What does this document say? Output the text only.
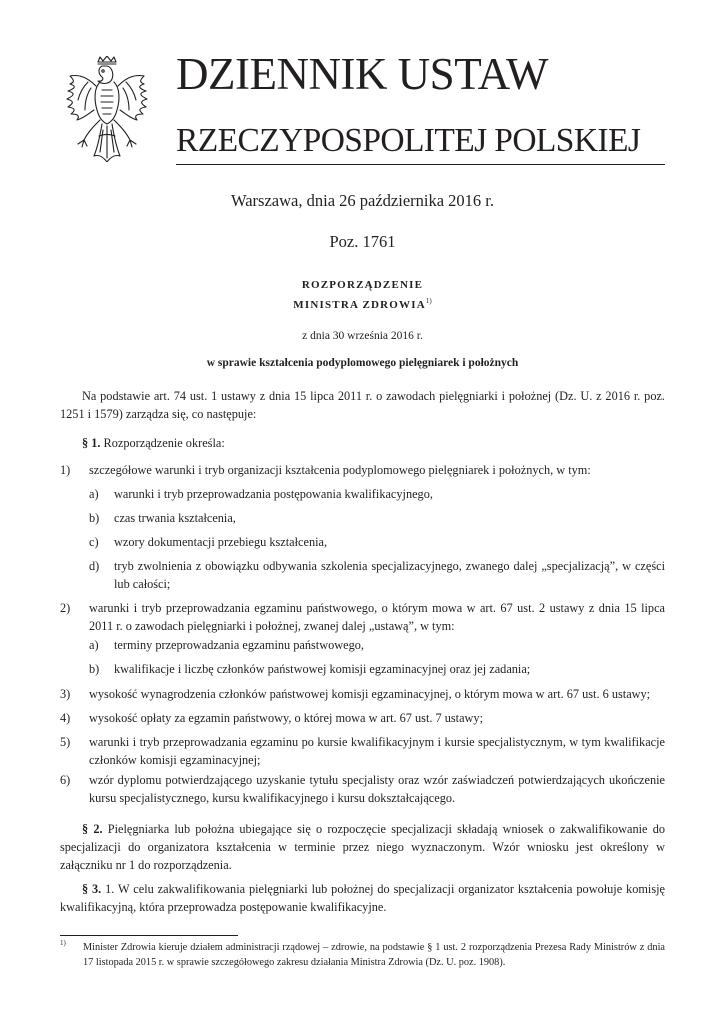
DZIENNIK USTAW
RZECZYPOSPOLITEJ POLSKIEJ
Warszawa, dnia 26 października 2016 r.
Poz. 1761
ROZPORZĄDZENIE
MINISTRA ZDROWIA$^{1)}$
z dnia 30 września 2016 r.
w sprawie kształcenia podyplomowego pielęgniarek i położnych
Na podstawie art. 74 ust. 1 ustawy z dnia 15 lipca 2011 r. o zawodach pielęgniarki i położnej (Dz. U. z 2016 r. poz. 1251 i 1579) zarządza się, co następuje:
§ 1. Rozporządzenie określa:
1) szczegółowe warunki i tryb organizacji kształcenia podyplomowego pielęgniarek i położnych, w tym:
a) warunki i tryb przeprowadzania postępowania kwalifikacyjnego,
b) czas trwania kształcenia,
c) wzory dokumentacji przebiegu kształcenia,
d) tryb zwolnienia z obowiązku odbywania szkolenia specjalizacyjnego, zwanego dalej „specjalizacją”, w części lub całości;
2) warunki i tryb przeprowadzania egzaminu państwowego, o którym mowa w art. 67 ust. 2 ustawy z dnia 15 lipca 2011 r. o zawodach pielęgniarki i położnej, zwanej dalej „ustawą”, w tym:
a) terminy przeprowadzania egzaminu państwowego,
b) kwalifikacje i liczbę członków państwowej komisji egzaminacyjnej oraz jej zadania;
3) wysokość wynagrodzenia członków państwowej komisji egzaminacyjnej, o którym mowa w art. 67 ust. 6 ustawy;
4) wysokość opłaty za egzamin państwowy, o której mowa w art. 67 ust. 7 ustawy;
5) warunki i tryb przeprowadzania egzaminu po kursie kwalifikacyjnym i kursie specjalistycznym, w tym kwalifikacje członków komisji egzaminacyjnej;
6) wzór dyplomu potwierdzającego uzyskanie tytułu specjalisty oraz wzór zaświadczeń potwierdzających ukończenie kursu specjalistycznego, kursu kwalifikacyjnego i kursu dokształcającego.
§ 2. Pielęgniarka lub położna ubiegające się o rozpoczęcie specjalizacji składają wniosek o zakwalifikowanie do specjalizacji do organizatora kształcenia w terminie przez niego wyznaczonym. Wzór wniosku jest określony w załączniku nr 1 do rozporządzenia.
§ 3. 1. W celu zakwalifikowania pielęgniarki lub położnej do specjalizacji organizator kształcenia powołuje komisję kwalifikacyjną, która przeprowadza postępowanie kwalifikacyjne.
1) Minister Zdrowia kieruje działem administracji rządowej – zdrowie, na podstawie § 1 ust. 2 rozporządzenia Prezesa Rady Ministrów z dnia 17 listopada 2015 r. w sprawie szczegółowego zakresu działania Ministra Zdrowia (Dz. U. poz. 1908).
